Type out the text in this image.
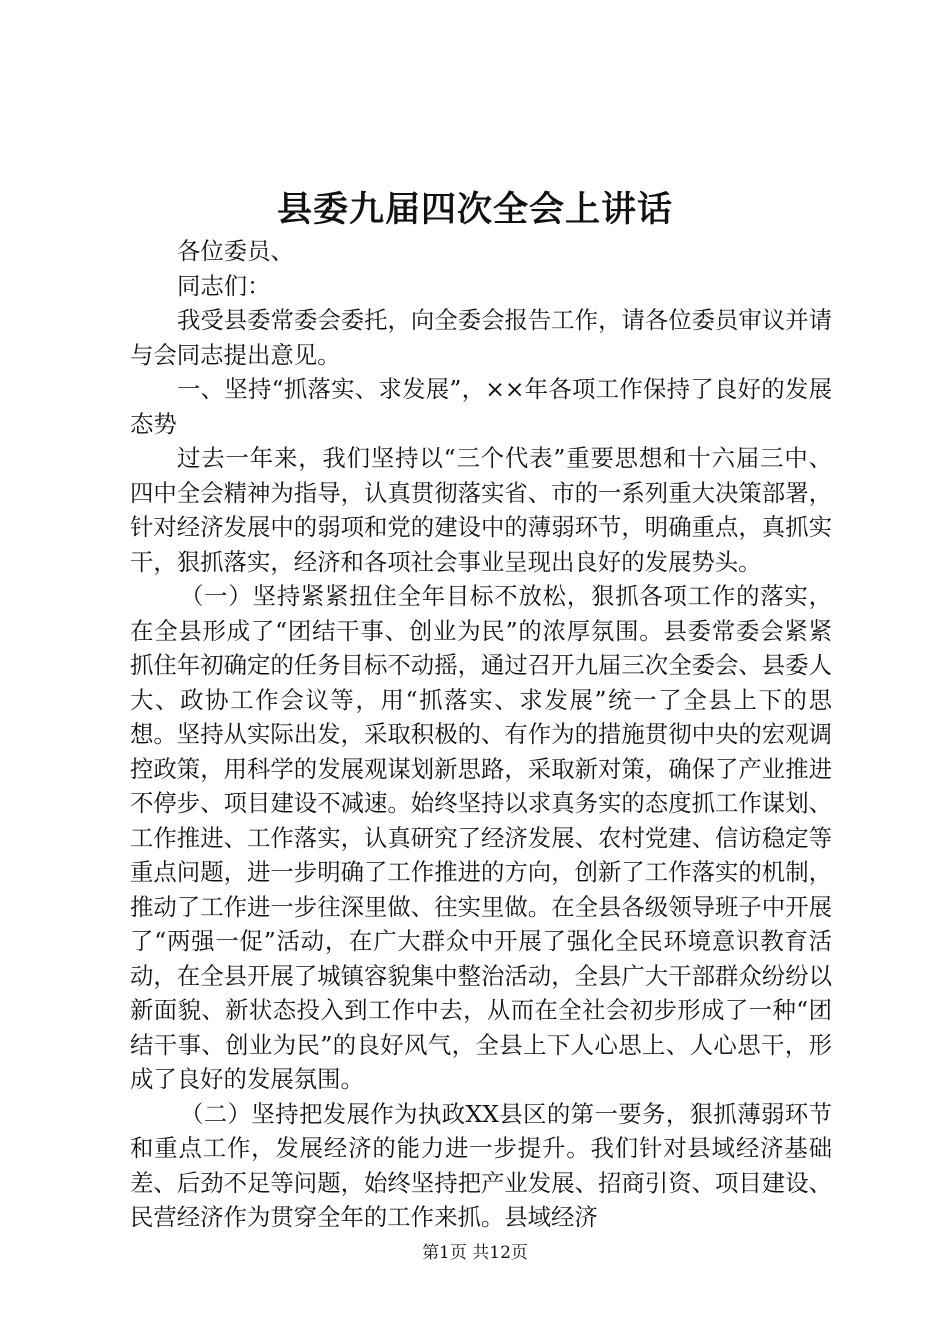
县委九届四次全会上讲话

各位委员、

同志们：

我受县委常委会委托，向全委会报告工作，请各位委员审议并请与会同志提出意见。

一、坚持“抓落实、求发展”，××年各项工作保持了良好的发展态势

过去一年来，我们坚持以“三个代表”重要思想和十六届三中、四中全会精神为指导，认真贯彻落实省、市的一系列重大决策部署，针对经济发展中的弱项和党的建设中的薄弱环节，明确重点，真抓实干，狠抓落实，经济和各项社会事业呈现出良好的发展势头。

（一）坚持紧紧扭住全年目标不放松，狠抓各项工作的落实，在全县形成了“团结干事、创业为民”的浓厚氛围。县委常委会紧紧抓住年初确定的任务目标不动摇，通过召开九届三次全委会、县委人大、政协工作会议等，用“抓落实、求发展”统一了全县上下的思想。坚持从实际出发，采取积极的、有作为的措施贯彻中央的宏观调控政策，用科学的发展观谋划新思路，采取新对策，确保了产业推进不停步、项目建设不减速。始终坚持以求真务实的态度抓工作谋划、工作推进、工作落实，认真研究了经济发展、农村党建、信访稳定等重点问题，进一步明确了工作推进的方向，创新了工作落实的机制，推动了工作进一步往深里做、往实里做。在全县各级领导班子中开展了“两强一促”活动，在广大群众中开展了强化全民环境意识教育活动，在全县开展了城镇容貌集中整治活动，全县广大干部群众纷纷以新面貌、新状态投入到工作中去，从而在全社会初步形成了一种“团结干事、创业为民”的良好风气，全县上下人心思上、人心思干，形成了良好的发展氛围。

（二）坚持把发展作为执政XX县区的第一要务，狠抓薄弱环节和重点工作，发展经济的能力进一步提升。我们针对县域经济基础差、后劲不足等问题，始终坚持把产业发展、招商引资、项目建设、民营经济作为贯穿全年的工作来抓。县域经济

第1页 共12页
